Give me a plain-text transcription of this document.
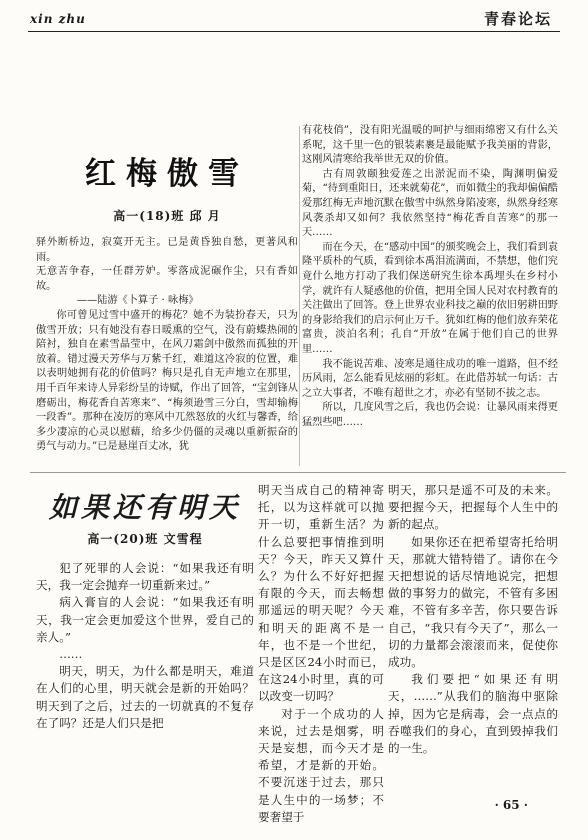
xin zhu	青春论坛
红梅傲雪
高一(18)班 邱 月

驿外断桥边，寂寞开无主。已是黄昏独自愁，更著风和雨。

无意苦争春，一任群芳妒。零落成泥碾作尘，只有香如故。

——陆游《卜算子 · 咏梅》

你可曾见过雪中盛开的梅花？她不为装扮春天，只为傲雪开放；只有她没有春日暖熏的空气，没有蔚蝶热闹的陪衬，独自在素雪晶莹中，在风刀霜剑中傲然而孤独的开放着。错过漫天芳华与万紫千红，难道这冷寂的位置，难以表明她拥有花的价值吗？梅只是孔自无声地立在那里，用千百年来诗人异彩纷呈的诗赋，作出了回答，“宝剑锋从磨砺出，梅花香自苦寒来”、“梅须逊雪三分白，雪却输梅一段香”。那种在凌厉的寒风中兀然怒放的火红与馨香，给多少凄凉的心灵以慰藉，给多少仍僵的灵魂以重新振奋的勇气与动力。”已是悬崖百丈冰，犹

有花枝俏”，没有阳光温暖的呵护与细雨绵密又有什么关系呢，这千里一色的银装素裹是最能赋予我美丽的背影，这刚风清寒给我举世无双的价值。

古有周敦颐独爱莲之出淤泥而不染，陶渊明偏爱菊，“待到重阳日，还来就菊花”，而如微尘的我却偏偏酷爱那红梅无声地沉默在傲雪中纵然身陷凌寒，纵然身经寒风袭杀却又如何？我依然坚持“梅花香自苦寒”的那一天……

而在今天，在“感动中国”的颁奖晚会上，我们看到袁隆平质朴的气质，看到徐本禹泪流满面，不禁想，他们究竟什么地方打动了我们保送研究生徐本禹埋头在乡村小学，就许有人疑惑他的价值，把用全国人民对农村教育的关注做出了回答。登上世界农业科技之巅的依旧躬耕田野的身影给我们的启示何止万千。犹如红梅的他们放弃荣花富贵，淡泊名利；孔自“开放”在属于他们自己的世界里……

我不能说苦难、凌寒是通往成功的唯一道路，但不经历风雨，怎么能看见炫丽的彩虹。在此借苏轼一句话：古之立大事者，不唯有超世之才，亦必有坚韧不拔之志。

所以，几度风雪之后，我也仍会说：让暴风雨来得更猛烈些吧……

如果还有明天
高一(20)班 文雪程

犯了死罪的人会说：“如果我还有明天，我一定会抛弃一切重新来过。”

病入膏盲的人会说：“如果我还有明天，我一定会更加爱这个世界，爱自己的亲人。”

……

明天，明天，为什么都是明天，难道在人们的心里，明天就会是新的开始吗？明天到了之后，过去的一切就真的不复存在了吗？还是人们只是把

明天当成自己的精神寄托，以为这样就可以抛开一切，重新生活？为什么总要把事情推到明天？今天，昨天又算什么？为什么不好好把握有限的今天，而去畅想那遥远的明天呢？今天和明天的距离不是一年，也不是一个世纪，只是区区24小时而已，在这24小时里，真的可以改变一切吗？

对于一个成功的人来说，过去是烟雾，明天是妄想，而今天才是希望，才是新的开始。不要沉迷于过去，那只是人生中的一场梦；不要奢望于

明天，那只是遥不可及的未来。要把握今天，把握每个人生中的新的起点。

如果你还在把希望寄托给明天，那就大错特错了。请你在今天把想说的话尽情地说完，把想做的事努力的做完，不管有多困难，不管有多辛苦，你只要告诉自己，“我只有今天了”，那么一切的力量都会滚滚而来，促使你成功。

我们要把“如果还有明天，……”从我们的脑海中驱除掉，因为它是病毒，会一点点的吞噬我们的身心，直到毁掉我们的一生。

· 65 ·
